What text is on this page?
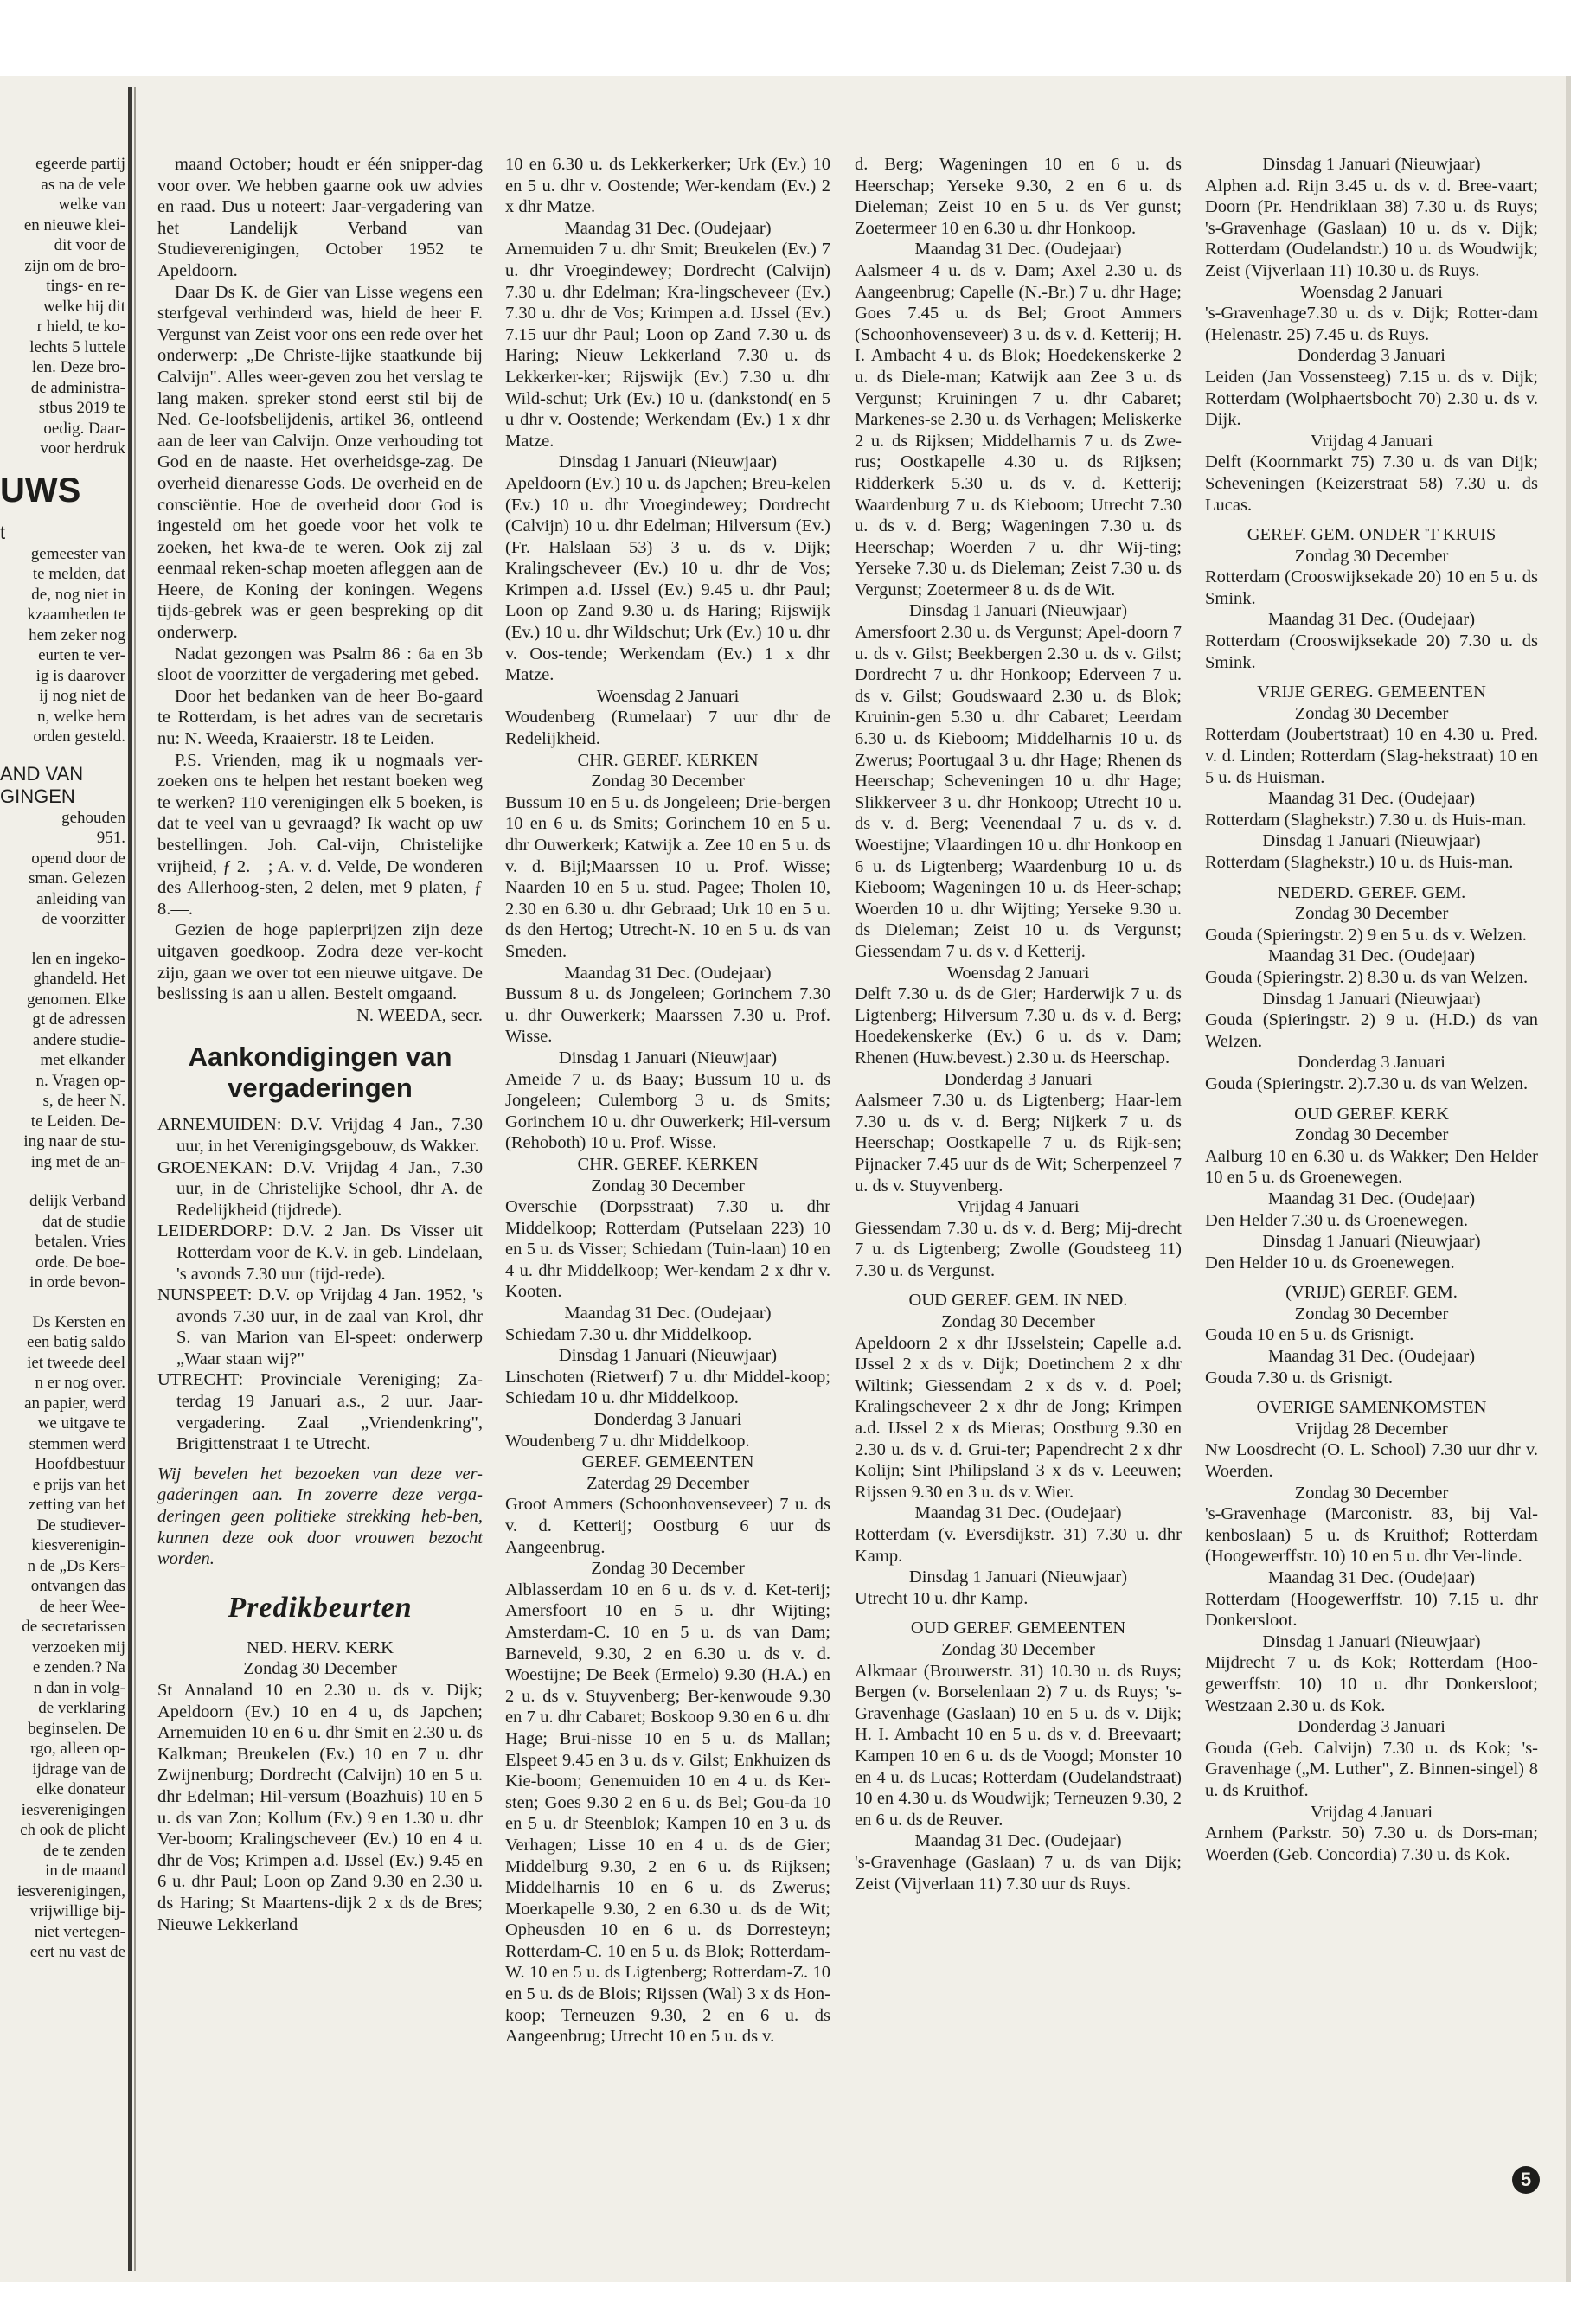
egeerde partij

as na de vele

welke van

en nieuwe klei-

dit voor de

zijn om de bro-

tings- en re-

welke hij dit

r hield, te ko-

lechts 5 luttele

len. Deze bro-

de administra-

stbus 2019 te

oedig. Daar-

voor herdruk

UWS

t

gemeester van

te melden, dat

de, nog niet in

kzaamheden te

hem zeker nog

eurten te ver-

ig is daarover

ij nog niet de

n, welke hem

orden gesteld.

AND VAN

GINGEN

gehouden

951.

opend door de

sman. Gelezen

anleiding van

de voorzitter

len en ingeko-

ghandeld. Het

genomen. Elke

gt de adressen

andere studie-

met elkander

n. Vragen op-

s, de heer N.

te Leiden. De-

ing naar de stu-

ing met de an-

delijk Verband

dat de studie

betalen. Vries

orde. De boe-

in orde bevon-

Ds Kersten en

een batig saldo

iet tweede deel

n er nog over.

an papier, werd

we uitgave te

stemmen werd

Hoofdbestuur

e prijs van het

zetting van het

De studiever-

kiesverenigin-

n de „Ds Kers-

ontvangen das

de heer Wee-

de secretarissen

verzoeken mij

e zenden.? Na

n dan in volg-

de verklaring

beginselen. De

rgo, alleen op-

ijdrage van de

elke donateur

iesverenigingen

ch ook de plicht

de te zenden

in de maand

iesverenigingen,

vrijwillige bij-

niet vertegen-

eert nu vast de

maand October; houdt er één snipper-dag voor over. We hebben gaarne ook uw advies en raad. Dus u noteert: Jaar-vergadering van het Landelijk Verband van Studieverenigingen, October 1952 te Apeldoorn.

Daar Ds K. de Gier van Lisse wegens een sterfgeval verhinderd was, hield de heer F. Vergunst van Zeist voor ons een rede over het onderwerp: „De Christe-lijke staatkunde bij Calvijn". Alles weer-geven zou het verslag te lang maken. spreker stond eerst stil bij de Ned. Ge-loofsbelijdenis, artikel 36, ontleend aan de leer van Calvijn. Onze verhouding tot God en de naaste. Het overheidsge-zag. De overheid dienaresse Gods. De overheid en de consciëntie. Hoe de overheid door God is ingesteld om het goede voor het volk te zoeken, het kwa-de te weren. Ook zij zal eenmaal reken-schap moeten afleggen aan de Heere, de Koning der koningen. Wegens tijds-gebrek was er geen bespreking op dit onderwerp.

Nadat gezongen was Psalm 86 : 6a en 3b sloot de voorzitter de vergadering met gebed.

Door het bedanken van de heer Bo-gaard te Rotterdam, is het adres van de secretaris nu: N. Weeda, Kraaierstr. 18 te Leiden.

P.S. Vrienden, mag ik u nogmaals ver-zoeken ons te helpen het restant boeken weg te werken? 110 verenigingen elk 5 boeken, is dat te veel van u gevraagd? Ik wacht op uw bestellingen. Joh. Cal-vijn, Christelijke vrijheid, ƒ 2.—; A. v. d. Velde, De wonderen des Allerhoog-sten, 2 delen, met 9 platen, ƒ 8.—.

Gezien de hoge papierprijzen zijn deze uitgaven goedkoop. Zodra deze ver-kocht zijn, gaan we over tot een nieuwe uitgave. De beslissing is aan u allen. Bestelt omgaand.

N. WEEDA, secr.

Aankondigingen van vergaderingen

ARNEMUIDEN: D.V. Vrijdag 4 Jan., 7.30 uur, in het Verenigingsgebouw, ds Wakker.

GROENEKAN: D.V. Vrijdag 4 Jan., 7.30 uur, in de Christelijke School, dhr A. de Redelijkheid (tijdrede).

LEIDERDORP: D.V. 2 Jan. Ds Visser uit Rotterdam voor de K.V. in geb. Lindelaan, 's avonds 7.30 uur (tijd-rede).

NUNSPEET: D.V. op Vrijdag 4 Jan. 1952, 's avonds 7.30 uur, in de zaal van Krol, dhr S. van Marion van El-speet: onderwerp „Waar staan wij?"

UTRECHT: Provinciale Vereniging; Za-terdag 19 Januari a.s., 2 uur. Jaar-vergadering. Zaal „Vriendenkring", Brigittenstraat 1 te Utrecht.

Wij bevelen het bezoeken van deze ver-gaderingen aan. In zoverre deze verga-deringen geen politieke strekking heb-ben, kunnen deze ook door vrouwen bezocht worden.

Predikbeurten

NED. HERV. KERK

Zondag 30 December

St Annaland 10 en 2.30 u. ds v. Dijk; Apeldoorn (Ev.) 10 en 4 u, ds Japchen; Arnemuiden 10 en 6 u. dhr Smit en 2.30 u. ds Kalkman; Breukelen (Ev.) 10 en 7 u. dhr Zwijnenburg; Dordrecht (Calvijn) 10 en 5 u. dhr Edelman; Hil-versum (Boazhuis) 10 en 5 u. ds van Zon; Kollum (Ev.) 9 en 1.30 u. dhr Ver-boom; Kralingscheveer (Ev.) 10 en 4 u. dhr de Vos; Krimpen a.d. IJssel (Ev.) 9.45 en 6 u. dhr Paul; Loon op Zand 9.30 en 2.30 u. ds Haring; St Maartens-dijk 2 x ds de Bres; Nieuwe Lekkerland

10 en 6.30 u. ds Lekkerkerker; Urk (Ev.) 10 en 5 u. dhr v. Oostende; Wer-kendam (Ev.) 2 x dhr Matze.

Maandag 31 Dec. (Oudejaar)

Arnemuiden 7 u. dhr Smit; Breukelen (Ev.) 7 u. dhr Vroegindewey; Dordrecht (Calvijn) 7.30 u. dhr Edelman; Kra-lingscheveer (Ev.) 7.30 u. dhr de Vos; Krimpen a.d. IJssel (Ev.) 7.15 uur dhr Paul; Loon op Zand 7.30 u. ds Haring; Nieuw Lekkerland 7.30 u. ds Lekkerker-ker; Rijswijk (Ev.) 7.30 u. dhr Wild-schut; Urk (Ev.) 10 u. (dankstond( en 5 u dhr v. Oostende; Werkendam (Ev.) 1 x dhr Matze.

Dinsdag 1 Januari (Nieuwjaar)

Apeldoorn (Ev.) 10 u. ds Japchen; Breu-kelen (Ev.) 10 u. dhr Vroegindewey; Dordrecht (Calvijn) 10 u. dhr Edelman; Hilversum (Ev.) (Fr. Halslaan 53) 3 u. ds v. Dijk; Kralingscheveer (Ev.) 10 u. dhr de Vos; Krimpen a.d. IJssel (Ev.) 9.45 u. dhr Paul; Loon op Zand 9.30 u. ds Haring; Rijswijk (Ev.) 10 u. dhr Wildschut; Urk (Ev.) 10 u. dhr v. Oos-tende; Werkendam (Ev.) 1 x dhr Matze.

Woensdag 2 Januari

Woudenberg (Rumelaar) 7 uur dhr de Redelijkheid.

CHR. GEREF. KERKEN

Zondag 30 December

Bussum 10 en 5 u. ds Jongeleen; Drie-bergen 10 en 6 u. ds Smits; Gorinchem 10 en 5 u. dhr Ouwerkerk; Katwijk a. Zee 10 en 5 u. ds v. d. Bijl;Maarssen 10 u. Prof. Wisse; Naarden 10 en 5 u. stud. Pagee; Tholen 10, 2.30 en 6.30 u. dhr Gebraad; Urk 10 en 5 u. ds den Hertog; Utrecht-N. 10 en 5 u. ds van Smeden.

Maandag 31 Dec. (Oudejaar)

Bussum 8 u. ds Jongeleen; Gorinchem 7.30 u. dhr Ouwerkerk; Maarssen 7.30 u. Prof. Wisse.

Dinsdag 1 Januari (Nieuwjaar)

Ameide 7 u. ds Baay; Bussum 10 u. ds Jongeleen; Culemborg 3 u. ds Smits; Gorinchem 10 u. dhr Ouwerkerk; Hil-versum (Rehoboth) 10 u. Prof. Wisse.

CHR. GEREF. KERKEN

Zondag 30 December

Overschie (Dorpsstraat) 7.30 u. dhr Middelkoop; Rotterdam (Putselaan 223) 10 en 5 u. ds Visser; Schiedam (Tuin-laan) 10 en 4 u. dhr Middelkoop; Wer-kendam 2 x dhr v. Kooten.

Maandag 31 Dec. (Oudejaar)

Schiedam 7.30 u. dhr Middelkoop.

Dinsdag 1 Januari (Nieuwjaar)

Linschoten (Rietwerf) 7 u. dhr Middel-koop; Schiedam 10 u. dhr Middelkoop.

Donderdag 3 Januari

Woudenberg 7 u. dhr Middelkoop.

GEREF. GEMEENTEN

Zaterdag 29 December

Groot Ammers (Schoonhovenseveer) 7 u. ds v. d. Ketterij; Oostburg 6 uur ds Aangeenbrug.

Zondag 30 December

Alblasserdam 10 en 6 u. ds v. d. Ket-terij; Amersfoort 10 en 5 u. dhr Wijting; Amsterdam-C. 10 en 5 u. ds van Dam; Barneveld, 9.30, 2 en 6.30 u. ds v. d. Woestijne; De Beek (Ermelo) 9.30 (H.A.) en 2 u. ds v. Stuyvenberg; Ber-kenwoude 9.30 en 7 u. dhr Cabaret; Boskoop 9.30 en 6 u. dhr Hage; Brui-nisse 10 en 5 u. ds Mallan; Elspeet 9.45 en 3 u. ds v. Gilst; Enkhuizen ds Kie-boom; Genemuiden 10 en 4 u. ds Ker-sten; Goes 9.30 2 en 6 u. ds Bel; Gou-da 10 en 5 u. dr Steenblok; Kampen 10 en 3 u. ds Verhagen; Lisse 10 en 4 u. ds de Gier; Middelburg 9.30, 2 en 6 u. ds Rijksen; Middelharnis 10 en 6 u. ds Zwerus; Moerkapelle 9.30, 2 en 6.30 u. ds de Wit; Opheusden 10 en 6 u. ds Dorresteyn; Rotterdam-C. 10 en 5 u. ds Blok; Rotterdam-W. 10 en 5 u. ds Ligtenberg; Rotterdam-Z. 10 en 5 u. ds de Blois; Rijssen (Wal) 3 x ds Hon-koop; Terneuzen 9.30, 2 en 6 u. ds Aangeenbrug; Utrecht 10 en 5 u. ds v.

d. Berg; Wageningen 10 en 6 u. ds Heerschap; Yerseke 9.30, 2 en 6 u. ds Dieleman; Zeist 10 en 5 u. ds Ver gunst; Zoetermeer 10 en 6.30 u. dhr Honkoop.

Maandag 31 Dec. (Oudejaar)

Aalsmeer 4 u. ds v. Dam; Axel 2.30 u. ds Aangeenbrug; Capelle (N.-Br.) 7 u. dhr Hage; Goes 7.45 u. ds Bel; Groot Ammers (Schoonhovenseveer) 3 u. ds v. d. Ketterij; H. I. Ambacht 4 u. ds Blok; Hoedekenskerke 2 u. ds Diele-man; Katwijk aan Zee 3 u. ds Vergunst; Kruiningen 7 u. dhr Cabaret; Markenes-se 2.30 u. ds Verhagen; Meliskerke 2 u. ds Rijksen; Middelharnis 7 u. ds Zwe-rus; Oostkapelle 4.30 u. ds Rijksen; Ridderkerk 5.30 u. ds v. d. Ketterij; Waardenburg 7 u. ds Kieboom; Utrecht 7.30 u. ds v. d. Berg; Wageningen 7.30 u. ds Heerschap; Woerden 7 u. dhr Wij-ting; Yerseke 7.30 u. ds Dieleman; Zeist 7.30 u. ds Vergunst; Zoetermeer 8 u. ds de Wit.

Dinsdag 1 Januari (Nieuwjaar)

Amersfoort 2.30 u. ds Vergunst; Apel-doorn 7 u. ds v. Gilst; Beekbergen 2.30 u. ds v. Gilst; Dordrecht 7 u. dhr Honkoop; Ederveen 7 u. ds v. Gilst; Goudswaard 2.30 u. ds Blok; Kruinin-gen 5.30 u. dhr Cabaret; Leerdam 6.30 u. ds Kieboom; Middelharnis 10 u. ds Zwerus; Poortugaal 3 u. dhr Hage; Rhenen ds Heerschap; Scheveningen 10 u. dhr Hage; Slikkerveer 3 u. dhr Honkoop; Utrecht 10 u. ds v. d. Berg; Veenendaal 7 u. ds v. d. Woestijne; Vlaardingen 10 u. dhr Honkoop en 6 u. ds Ligtenberg; Waardenburg 10 u. ds Kieboom; Wageningen 10 u. ds Heer-schap; Woerden 10 u. dhr Wijting; Yerseke 9.30 u. ds Dieleman; Zeist 10 u. ds Vergunst; Giessendam 7 u. ds v. d Ketterij.

Woensdag 2 Januari

Delft 7.30 u. ds de Gier; Harderwijk 7 u. ds Ligtenberg; Hilversum 7.30 u. ds v. d. Berg; Hoedekenskerke (Ev.) 6 u. ds v. Dam; Rhenen (Huw.bevest.) 2.30 u. ds Heerschap.

Donderdag 3 Januari

Aalsmeer 7.30 u. ds Ligtenberg; Haar-lem 7.30 u. ds v. d. Berg; Nijkerk 7 u. ds Heerschap; Oostkapelle 7 u. ds Rijk-sen; Pijnacker 7.45 uur ds de Wit; Scherpenzeel 7 u. ds v. Stuyvenberg.

Vrijdag 4 Januari

Giessendam 7.30 u. ds v. d. Berg; Mij-drecht 7 u. ds Ligtenberg; Zwolle (Goudsteeg 11) 7.30 u. ds Vergunst.

OUD GEREF. GEM. IN NED.

Zondag 30 December

Apeldoorn 2 x dhr IJsselstein; Capelle a.d. IJssel 2 x ds v. Dijk; Doetinchem 2 x dhr Wiltink; Giessendam 2 x ds v. d. Poel; Kralingscheveer 2 x dhr de Jong; Krimpen a.d. IJssel 2 x ds Mieras; Oostburg 9.30 en 2.30 u. ds v. d. Grui-ter; Papendrecht 2 x dhr Kolijn; Sint Philipsland 3 x ds v. Leeuwen; Rijssen 9.30 en 3 u. ds v. Wier.

Maandag 31 Dec. (Oudejaar)

Rotterdam (v. Eversdijkstr. 31) 7.30 u. dhr Kamp.

Dinsdag 1 Januari (Nieuwjaar)

Utrecht 10 u. dhr Kamp.

OUD GEREF. GEMEENTEN

Zondag 30 December

Alkmaar (Brouwerstr. 31) 10.30 u. ds Ruys; Bergen (v. Borselenlaan 2) 7 u. ds Ruys; 's-Gravenhage (Gaslaan) 10 en 5 u. ds v. Dijk; H. I. Ambacht 10 en 5 u. ds v. d. Breevaart; Kampen 10 en 6 u. ds de Voogd; Monster 10 en 4 u. ds Lucas; Rotterdam (Oudelandstraat) 10 en 4.30 u. ds Woudwijk; Terneuzen 9.30, 2 en 6 u. ds de Reuver.

Maandag 31 Dec. (Oudejaar)

's-Gravenhage (Gaslaan) 7 u. ds van Dijk; Zeist (Vijverlaan 11) 7.30 uur ds Ruys.

Dinsdag 1 Januari (Nieuwjaar)

Alphen a.d. Rijn 3.45 u. ds v. d. Bree-vaart; Doorn (Pr. Hendriklaan 38) 7.30 u. ds Ruys; 's-Gravenhage (Gaslaan) 10 u. ds v. Dijk; Rotterdam (Oudelandstr.) 10 u. ds Woudwijk; Zeist (Vijverlaan 11) 10.30 u. ds Ruys.

Woensdag 2 Januari

's-Gravenhage7.30 u. ds v. Dijk; Rotter-dam (Helenastr. 25) 7.45 u. ds Ruys.

Donderdag 3 Januari

Leiden (Jan Vossensteeg) 7.15 u. ds v. Dijk; Rotterdam (Wolphaertsbocht 70) 2.30 u. ds v. Dijk.

Vrijdag 4 Januari

Delft (Koornmarkt 75) 7.30 u. ds van Dijk; Scheveningen (Keizerstraat 58) 7.30 u. ds Lucas.

GEREF. GEM. ONDER 'T KRUIS

Zondag 30 December

Rotterdam (Crooswijksekade 20) 10 en 5 u. ds Smink.

Maandag 31 Dec. (Oudejaar)

Rotterdam (Crooswijksekade 20) 7.30 u. ds Smink.

VRIJE GEREG. GEMEENTEN

Zondag 30 December

Rotterdam (Joubertstraat) 10 en 4.30 u. Pred. v. d. Linden; Rotterdam (Slag-hekstraat) 10 en 5 u. ds Huisman.

Maandag 31 Dec. (Oudejaar)

Rotterdam (Slaghekstr.) 7.30 u. ds Huis-man.

Dinsdag 1 Januari (Nieuwjaar)

Rotterdam (Slaghekstr.) 10 u. ds Huis-man.

NEDERD. GEREF. GEM.

Zondag 30 December

Gouda (Spieringstr. 2) 9 en 5 u. ds v. Welzen.

Maandag 31 Dec. (Oudejaar)

Gouda (Spieringstr. 2) 8.30 u. ds van Welzen.

Dinsdag 1 Januari (Nieuwjaar)

Gouda (Spieringstr. 2) 9 u. (H.D.) ds van Welzen.

Donderdag 3 Januari

Gouda (Spieringstr. 2).7.30 u. ds van Welzen.

OUD GEREF. KERK

Zondag 30 December

Aalburg 10 en 6.30 u. ds Wakker; Den Helder 10 en 5 u. ds Groenewegen.

Maandag 31 Dec. (Oudejaar)

Den Helder 7.30 u. ds Groenewegen.

Dinsdag 1 Januari (Nieuwjaar)

Den Helder 10 u. ds Groenewegen.

(VRIJE) GEREF. GEM.

Zondag 30 December

Gouda 10 en 5 u. ds Grisnigt.

Maandag 31 Dec. (Oudejaar)

Gouda 7.30 u. ds Grisnigt.

OVERIGE SAMENKOMSTEN

Vrijdag 28 December

Nw Loosdrecht (O. L. School) 7.30 uur dhr v. Woerden.

Zondag 30 December

's-Gravenhage (Marconistr. 83, bij Val-kenboslaan) 5 u. ds Kruithof; Rotterdam (Hoogewerffstr. 10) 10 en 5 u. dhr Ver-linde.

Maandag 31 Dec. (Oudejaar)

Rotterdam (Hoogewerffstr. 10) 7.15 u. dhr Donkersloot.

Dinsdag 1 Januari (Nieuwjaar)

Mijdrecht 7 u. ds Kok; Rotterdam (Hoo-gewerffstr. 10) 10 u. dhr Donkersloot; Westzaan 2.30 u. ds Kok.

Donderdag 3 Januari

Gouda (Geb. Calvijn) 7.30 u. ds Kok; 's-Gravenhage („M. Luther", Z. Binnen-singel) 8 u. ds Kruithof.

Vrijdag 4 Januari

Arnhem (Parkstr. 50) 7.30 u. ds Dors-man; Woerden (Geb. Concordia) 7.30 u. ds Kok.

5
